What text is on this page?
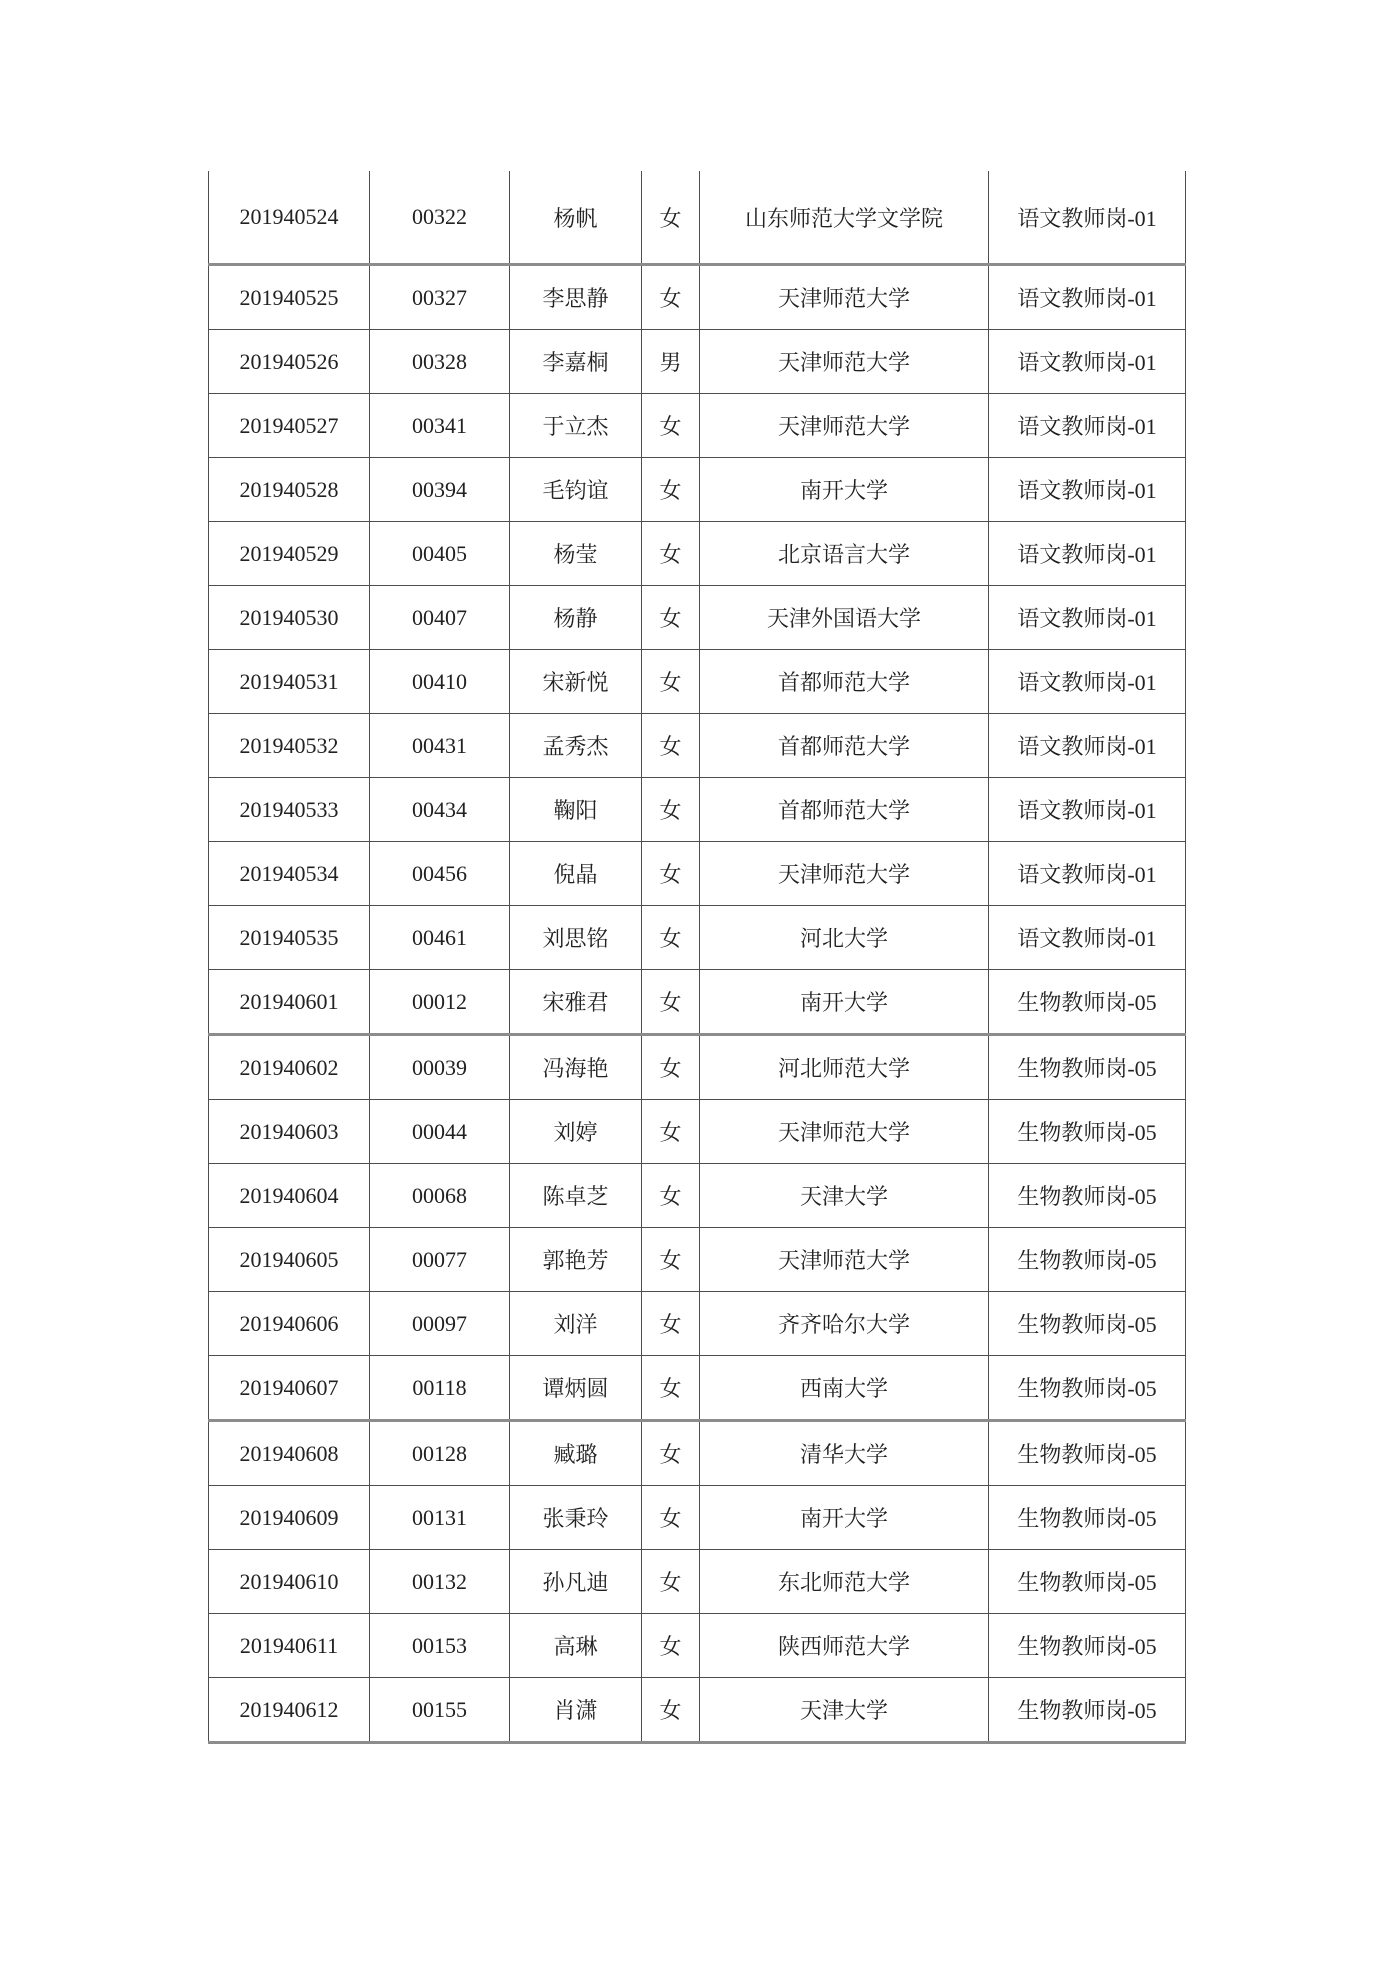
201940524	00322	杨帆	女	山东师范大学文学院	语文教师岗-01
201940525	00327	李思静	女	天津师范大学	语文教师岗-01
201940526	00328	李嘉桐	男	天津师范大学	语文教师岗-01
201940527	00341	于立杰	女	天津师范大学	语文教师岗-01
201940528	00394	毛钧谊	女	南开大学	语文教师岗-01
201940529	00405	杨莹	女	北京语言大学	语文教师岗-01
201940530	00407	杨静	女	天津外国语大学	语文教师岗-01
201940531	00410	宋新悦	女	首都师范大学	语文教师岗-01
201940532	00431	孟秀杰	女	首都师范大学	语文教师岗-01
201940533	00434	鞠阳	女	首都师范大学	语文教师岗-01
201940534	00456	倪晶	女	天津师范大学	语文教师岗-01
201940535	00461	刘思铭	女	河北大学	语文教师岗-01
201940601	00012	宋雅君	女	南开大学	生物教师岗-05
201940602	00039	冯海艳	女	河北师范大学	生物教师岗-05
201940603	00044	刘婷	女	天津师范大学	生物教师岗-05
201940604	00068	陈卓芝	女	天津大学	生物教师岗-05
201940605	00077	郭艳芳	女	天津师范大学	生物教师岗-05
201940606	00097	刘洋	女	齐齐哈尔大学	生物教师岗-05
201940607	00118	谭炳圆	女	西南大学	生物教师岗-05
201940608	00128	臧璐	女	清华大学	生物教师岗-05
201940609	00131	张秉玲	女	南开大学	生物教师岗-05
201940610	00132	孙凡迪	女	东北师范大学	生物教师岗-05
201940611	00153	高琳	女	陕西师范大学	生物教师岗-05
201940612	00155	肖潇	女	天津大学	生物教师岗-05
